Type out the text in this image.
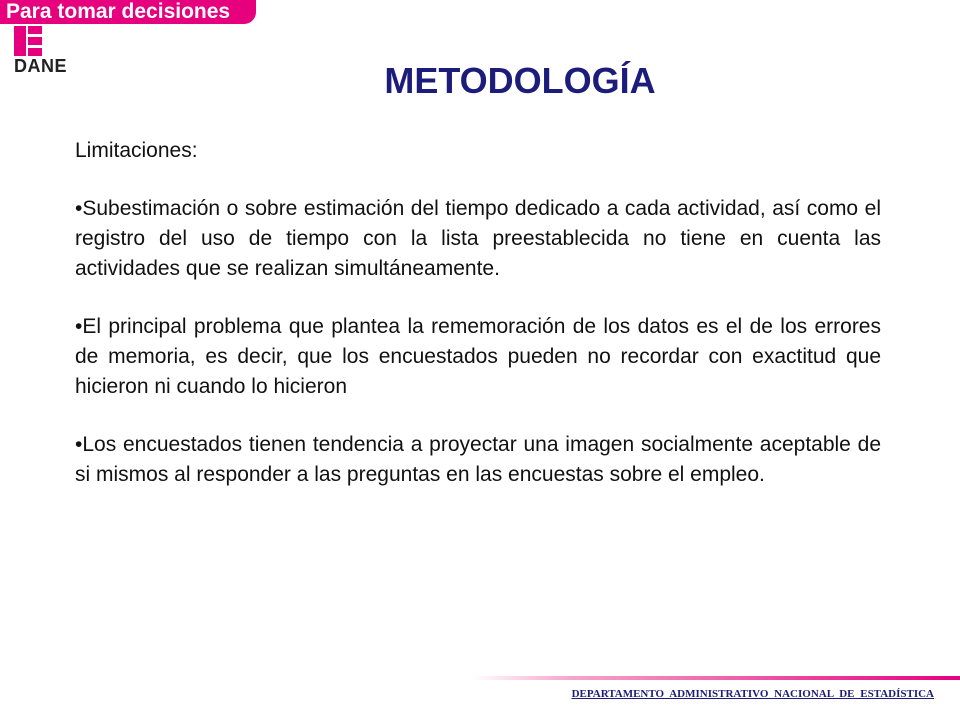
Para tomar decisiones
DANE	METODOLOGÍA

Limitaciones:

•Subestimación o sobre estimación del tiempo dedicado a cada actividad, así como el registro del uso de tiempo con la lista preestablecida no tiene en cuenta las actividades que se realizan simultáneamente.

•El principal problema que plantea la rememoración de los datos es el de los errores de memoria, es decir, que los encuestados pueden no recordar con exactitud que hicieron ni cuando lo hicieron

•Los encuestados tienen tendencia a proyectar una imagen socialmente aceptable de si mismos al responder a las preguntas en las encuestas sobre el empleo.

DEPARTAMENTO ADMINISTRATIVO NACIONAL DE ESTADÍSTICA
